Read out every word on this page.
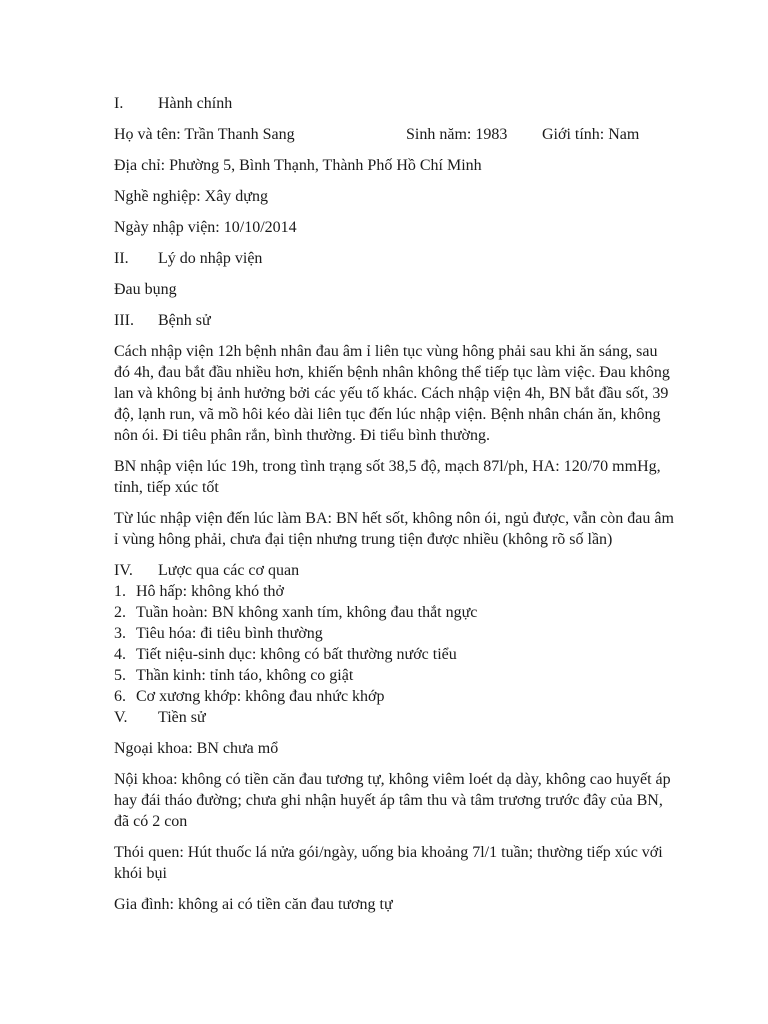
I.	Hành chính
Họ và tên: Trần Thanh Sang	Sinh năm: 1983	Giới tính: Nam

Địa chỉ: Phường 5, Bình Thạnh, Thành Phố Hồ Chí Minh

Nghề nghiệp: Xây dựng

Ngày nhập viện: 10/10/2014

II.	Lý do nhập viện

Đau bụng

III.	Bệnh sử

Cách nhập viện 12h bệnh nhân đau âm ỉ liên tục vùng hông phải sau khi ăn sáng, sau đó 4h, đau bắt đầu nhiều hơn, khiến bệnh nhân không thể tiếp tục làm việc. Đau không lan và không bị ảnh hưởng bởi các yếu tố khác. Cách nhập viện 4h, BN bắt đầu sốt, 39 độ, lạnh run, vã mồ hôi kéo dài liên tục đến lúc nhập viện. Bệnh nhân chán ăn, không nôn ói. Đi tiêu phân rắn, bình thường. Đi tiểu bình thường.

BN nhập viện lúc 19h, trong tình trạng sốt 38,5 độ, mạch 87l/ph, HA: 120/70 mmHg, tỉnh, tiếp xúc tốt

Từ lúc nhập viện đến lúc làm BA: BN hết sốt, không nôn ói, ngủ được, vẫn còn đau âm ỉ vùng hông phải, chưa đại tiện nhưng trung tiện được nhiều (không rõ số lần)

IV.	Lược qua các cơ quan
1. Hô hấp: không khó thở
2. Tuần hoàn: BN không xanh tím, không đau thắt ngực
3. Tiêu hóa: đi tiêu bình thường
4. Tiết niệu-sinh dục: không có bất thường nước tiểu
5. Thần kinh: tỉnh táo, không co giật
6. Cơ xương khớp: không đau nhức khớp
V.	Tiền sử

Ngoại khoa: BN chưa mổ

Nội khoa: không có tiền căn đau tương tự, không viêm loét dạ dày, không cao huyết áp hay đái tháo đường; chưa ghi nhận huyết áp tâm thu và tâm trương trước đây của BN, đã có 2 con

Thói quen: Hút thuốc lá nửa gói/ngày, uống bia khoảng 7l/1 tuần; thường tiếp xúc với khói bụi

Gia đình: không ai có tiền căn đau tương tự
